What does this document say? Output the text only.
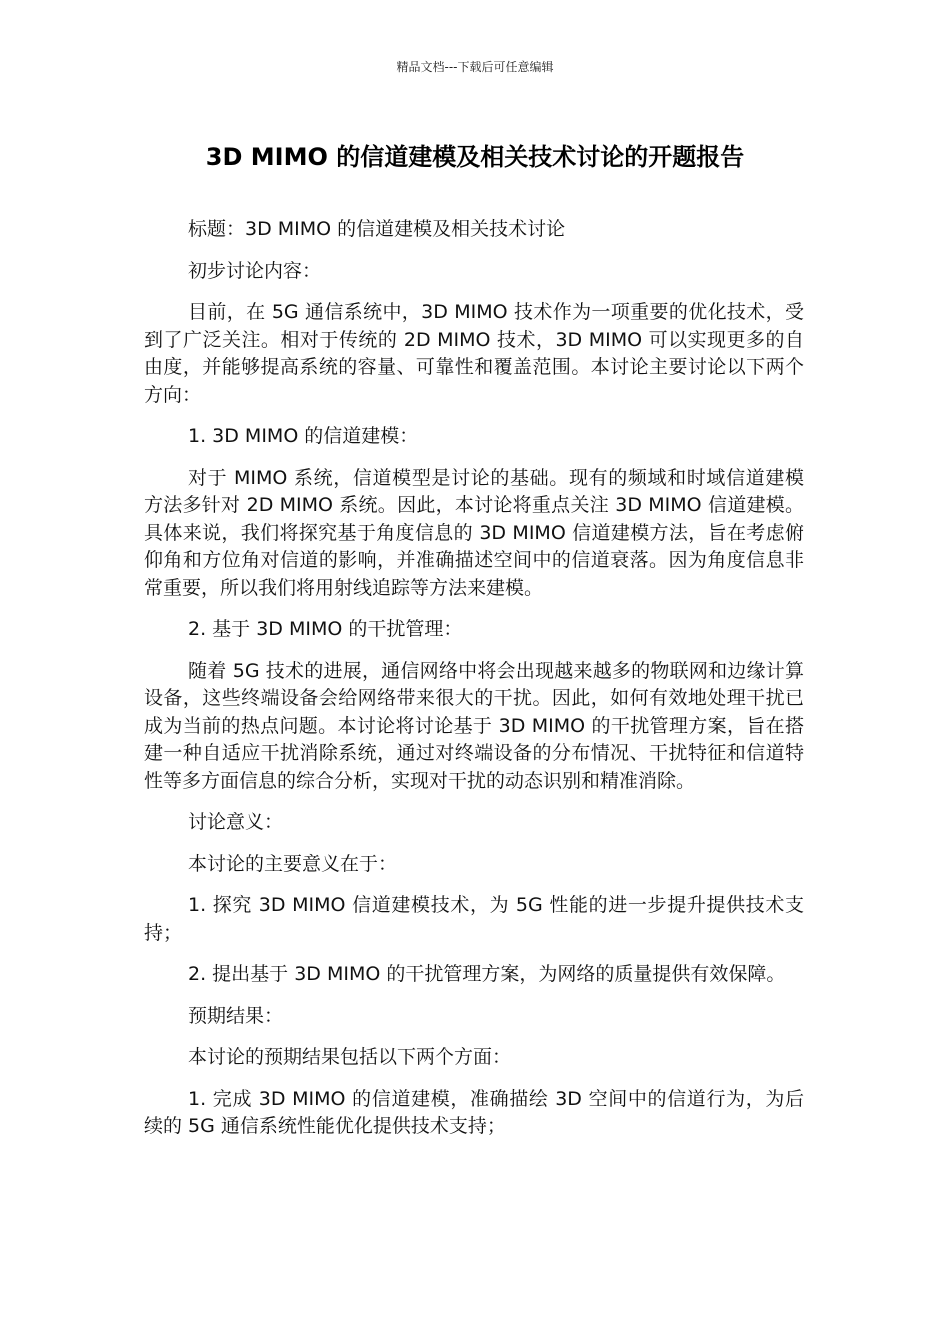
精品文档---下载后可任意编辑
3D MIMO 的信道建模及相关技术讨论的开题报告

标题：3D MIMO 的信道建模及相关技术讨论

初步讨论内容：

目前，在 5G 通信系统中，3D MIMO 技术作为一项重要的优化技术，受到了广泛关注。相对于传统的 2D MIMO 技术，3D MIMO 可以实现更多的自由度，并能够提高系统的容量、可靠性和覆盖范围。本讨论主要讨论以下两个方向：

1. 3D MIMO 的信道建模：

对于 MIMO 系统，信道模型是讨论的基础。现有的频域和时域信道建模方法多针对 2D MIMO 系统。因此，本讨论将重点关注 3D MIMO 信道建模。具体来说，我们将探究基于角度信息的 3D MIMO 信道建模方法，旨在考虑俯仰角和方位角对信道的影响，并准确描述空间中的信道衰落。因为角度信息非常重要，所以我们将用射线追踪等方法来建模。

2. 基于 3D MIMO 的干扰管理：

随着 5G 技术的进展，通信网络中将会出现越来越多的物联网和边缘计算设备，这些终端设备会给网络带来很大的干扰。因此，如何有效地处理干扰已成为当前的热点问题。本讨论将讨论基于 3D MIMO 的干扰管理方案，旨在搭建一种自适应干扰消除系统，通过对终端设备的分布情况、干扰特征和信道特性等多方面信息的综合分析，实现对干扰的动态识别和精准消除。

讨论意义：

本讨论的主要意义在于：

1. 探究 3D MIMO 信道建模技术，为 5G 性能的进一步提升提供技术支持；

2. 提出基于 3D MIMO 的干扰管理方案，为网络的质量提供有效保障。

预期结果：

本讨论的预期结果包括以下两个方面：

1. 完成 3D MIMO 的信道建模，准确描绘 3D 空间中的信道行为，为后续的 5G 通信系统性能优化提供技术支持；
